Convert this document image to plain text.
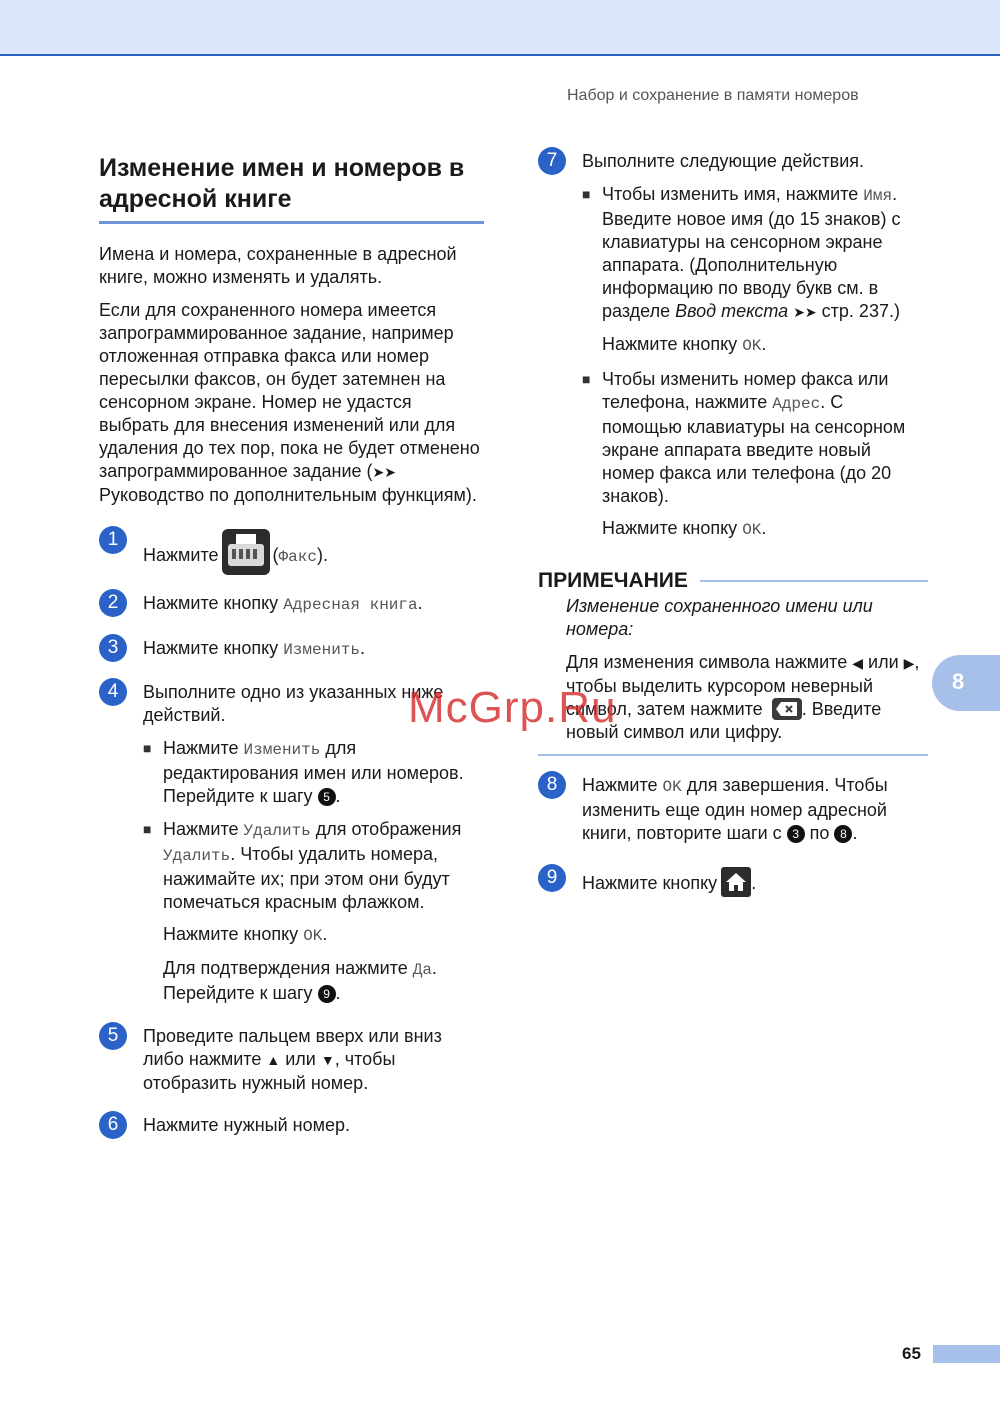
Набор и сохранение в памяти номеров
8
Изменение имен и номеров в адресной книге

Имена и номера, сохраненные в адресной книге, можно изменять и удалять.

Если для сохраненного номера имеется запрограммированное задание, например отложенная отправка факса или номер пересылки факсов, он будет затемнен на сенсорном экране. Номер не удастся выбрать для внесения изменений или для удаления до тех пор, пока не будет отменено запрограммированное задание (➤➤ Руководство по дополнительным функциям).

1
Нажмите	(Факс).
2	Нажмите кнопку Адресная книга.
3	Нажмите кнопку Изменить.
4	Выполните одно из указанных ниже действий.

■ Нажмите Изменить для редактирования имен или номеров. Перейдите к шагу 5 .
■ Нажмите Удалить для отображения Удалить. Чтобы удалить номера, нажимайте их; при этом они будут помечаться красным флажком.

Нажмите кнопку OK.

Для подтверждения нажмите Да. Перейдите к шагу 9 .

5	Проведите пальцем вверх или вниз либо нажмите ▲ или ▼, чтобы отобразить нужный номер.
6	Нажмите нужный номер.
7	Выполните следующие действия.

■ Чтобы изменить имя, нажмите Имя. Введите новое имя (до 15 знаков) с клавиатуры на сенсорном экране аппарата. (Дополнительную информацию по вводу букв см. в разделе Ввод текста ➤➤ стр. 237.)

Нажмите кнопку OK.

■ Чтобы изменить номер факса или телефона, нажмите Адрес. С помощью клавиатуры на сенсорном экране аппарата введите новый номер факса или телефона (до 20 знаков).

Нажмите кнопку OK.

ПРИМЕЧАНИЕ

Изменение сохраненного имени или номера:

Для изменения символа нажмите ◀ или ▶, чтобы выделить курсором неверный символ, затем нажмите
. Введите новый символ или цифру.

8	Нажмите OK для завершения. Чтобы изменить еще один номер адресной книги, повторите шаги с 3 по 8 .
9	Нажмите кнопку .
McGrp.Ru
65
